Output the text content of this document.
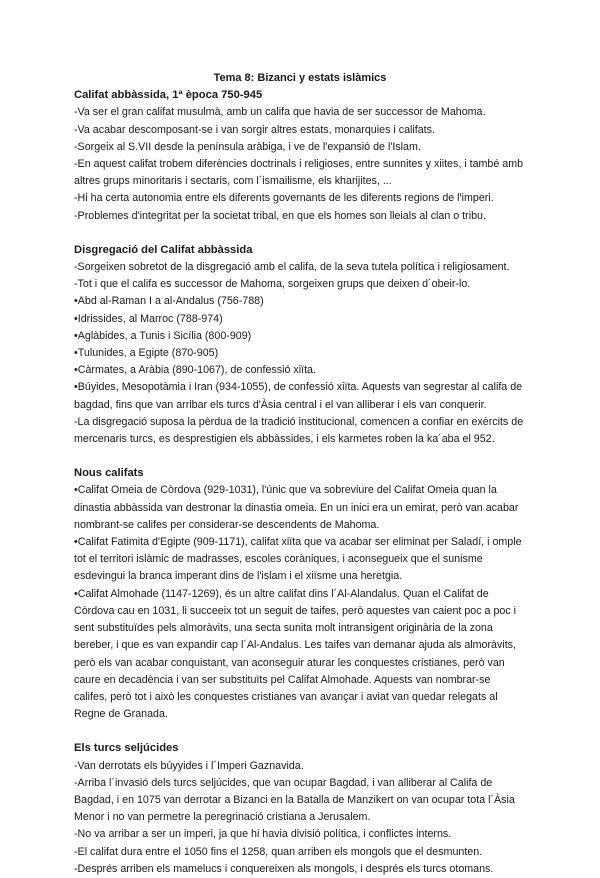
Tema 8: Bizanci y estats islàmics

Califat abbàssida, 1ª època 750-945

-Va ser el gran califat musulmà, amb un califa que havia de ser successor de Mahoma.

-Va acabar descomposant-se i van sorgir altres estats, monarquies i califats.

-Sorgeix al S.VII desde la península aràbiga, i ve de l'expansió de l'Islam.

-En aquest califat trobem diferències doctrinals i religioses, entre sunnites y xiites, i també amb altres grups minoritaris i sectaris, com l´ismailisme, els kharijites, ...

-Hi ha certa autonomia entre els diferents governants de les diferents regions de l'imperi.

-Problemes d'integritat per la societat tribal, en que els homes son lleials al clan o tribu.

Disgregació del Califat abbàssida

-Sorgeixen sobretot de la disgregació amb el califa, de la seva tutela política i religiosament.

-Tot i que el califa es successor de Mahoma, sorgeixen grups que deixen d´obeir-lo.

•Abd al-Raman I a al-Andalus (756-788)

•Idrissides, al Marroc (788-974)

•Aglàbides, a Tunis i Sicília (800-909)

•Tulunides, a Egipte (870-905)

•Càrmates, a Aràbia (890-1067), de confessió xiïta.

•Búyides, Mesopotàmia i Iran (934-1055), de confessió xiïta. Aquests van segrestar al califa de bagdad, fins que van arribar els turcs d'Àsia central i el van alliberar i els van conquerir.

-La disgregació suposa la pèrdua de la tradició institucional, comencen a confiar en exèrcits de mercenaris turcs, es desprestigien els abbàssides, i els karmetes roben la ka´aba el 952.

Nous califats

•Califat Omeia de Còrdova (929-1031), l'únic que va sobreviure del Califat Omeia quan la dinastia abbàssida van destronar la dinastia omeia. En un inici era un emirat, però van acabar nombrant-se califes per considerar-se descendents de Mahoma.

•Califat Fatimita d'Egipte (909-1171), califat xiïta que va acabar ser eliminat per Saladí, i omple tot el territori islàmic de madrasses, escoles coràniques, i aconsegueix que el sunisme esdevingui la branca imperant dins de l'islam i el xiïsme una heretgia.

•Califat Almohade (1147-1269), és un altre califat dins l´Al-Alandalus. Quan el Califat de Còrdova cau en 1031, li succeeix tot un seguit de taifes, però aquestes van caient poc a poc i sent substituïdes pels almoràvits, una secta sunita molt intransigent originària de la zona bereber, i que es van expandir cap l´Al-Andalus. Les taifes van demanar ajuda als almoràvits, però els van acabar conquistant, van aconseguir aturar les conquestes cristianes, però van caure en decadència i van ser substituïts pel Califat Almohade. Aquests van nombrar-se califes, però tot i això les conquestes cristianes van avançar i aviat van quedar relegats al Regne de Granada.

Els turcs seljúcides

-Van derrotats els búyyides i l´Imperi Gaznavida.

-Arriba l´invasió dels turcs seljúcides, que van ocupar Bagdad, i van alliberar al Califa de Bagdad, i en 1075 van derrotar a Bizanci en la Batalla de Manzikert on van ocupar tota l´Àsia Menor i no van permetre la peregrinació cristiana a Jerusalem.

-No va arribar a ser un imperi, ja que hi havia divisió política, i conflictes interns.

-El califat dura entre el 1050 fins el 1258, quan arriben els mongols que el desmunten.

-Després arriben els mamelucs i conquereixen als mongols, i després els turcs otomans.
